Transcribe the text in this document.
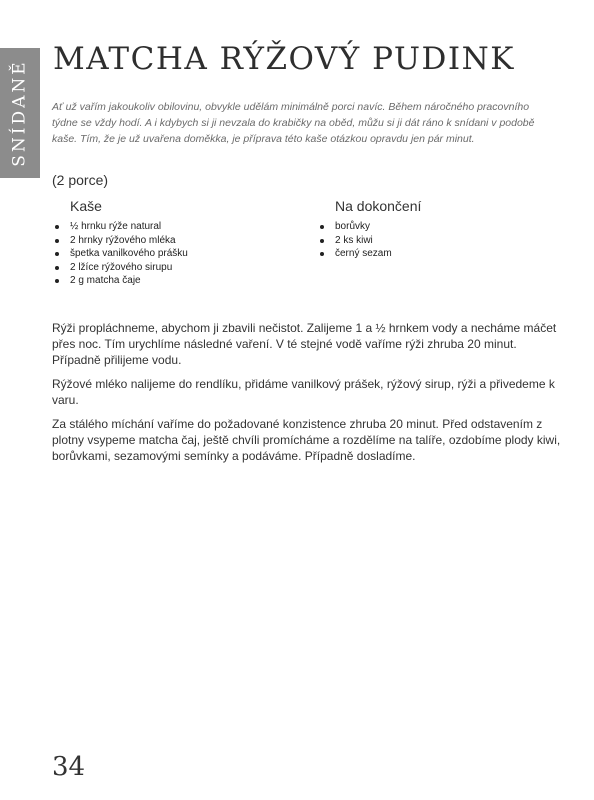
SNÍDANĚ
MATCHA RÝŽOVÝ PUDINK

Ať už vařím jakoukoliv obilovinu, obvykle udělám minimálně porci navíc. Během náročného pracovního týdne se vždy hodí. A i kdybych si ji nevzala do krabičky na oběd, můžu si ji dát ráno k snídani v podobě kaše. Tím, že je už uvařena doměkka, je příprava této kaše otázkou opravdu jen pár minut.

(2 porce)

Kaše

½ hrnku rýže natural
2 hrnky rýžového mléka
špetka vanilkového prášku
2 lžíce rýžového sirupu
2 g matcha čaje

Na dokončení

borůvky
2 ks kiwi
černý sezam

Rýži propláchneme, abychom ji zbavili nečistot. Zalijeme 1 a ½ hrnkem vody a necháme máčet přes noc. Tím urychlíme následné vaření. V té stejné vodě vaříme rýži zhruba 20 minut. Případně přilijeme vodu.

Rýžové mléko nalijeme do rendlíku, přidáme vanilkový prášek, rýžový sirup, rýži a přivedeme k varu.

Za stálého míchání vaříme do požadované konzistence zhruba 20 minut. Před odstavením z plotny vsypeme matcha čaj, ještě chvíli promícháme a rozdělíme na talíře, ozdobíme plody kiwi, borůvkami, sezamovými semínky a podáváme. Případně dosladíme.

34
